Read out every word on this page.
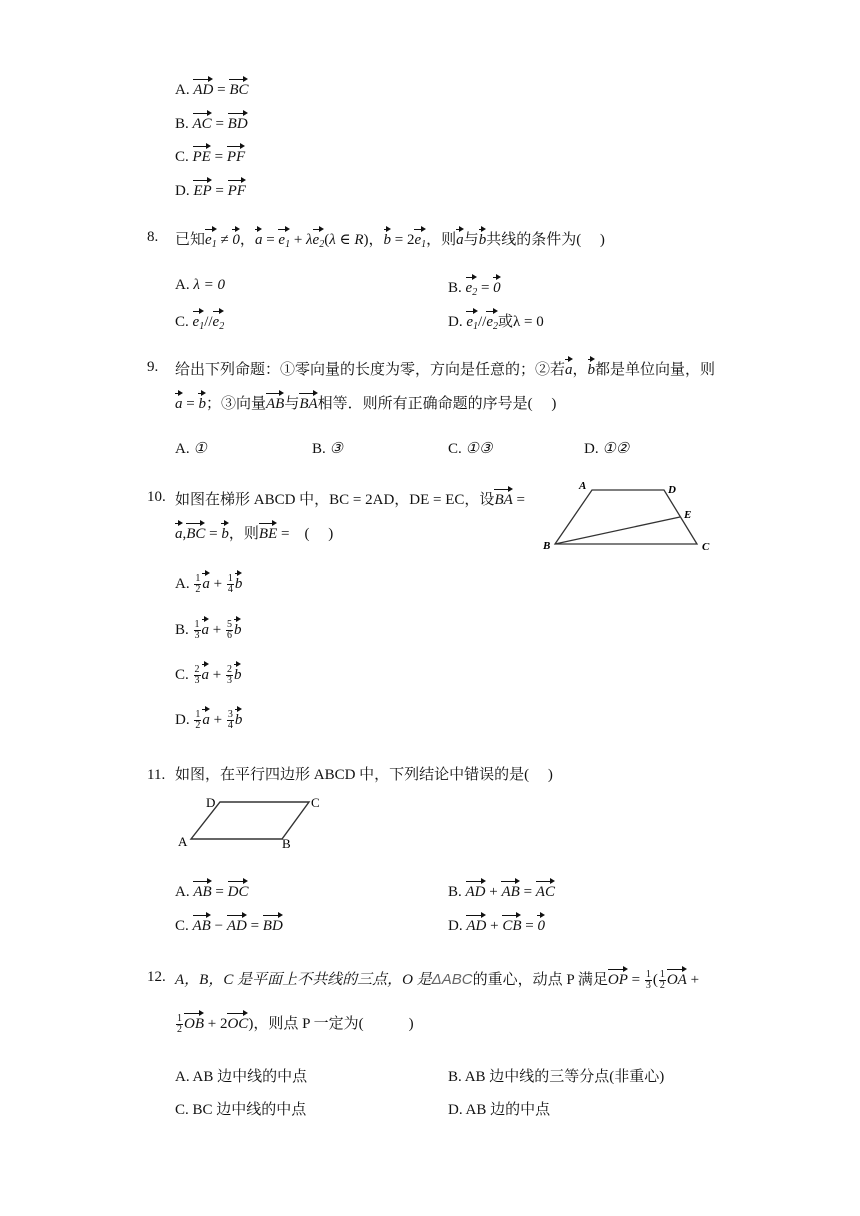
A. AD = BC
B. AC = BD
C. PE = PF
D. EP = PF
8. 已知$e_1 \ne 0$，$a = e_1 + \lambda e_2(\lambda$ ∈ R)，$b = 2e_1$，则a与b共线的条件为(　 )
A. λ = 0	B. $e_2 = 0$
C. $e_1//e_2$	D. $e_1//e_2$或λ = 0
9. 给出下列命题：①零向量的长度为零，方向是任意的；②若a，b都是单位向量，则
a = b；③向量AB与BA相等．则所有正确命题的序号是(　 )
A. ①	B. ③	C. ①③	D. ①②
10. 如图在梯形 ABCD 中，BC = 2AD，DE = EC，设BA =
a,BC = b，则BE =　(　 )
A	D
E
B	C
A. $\frac{1}{2}$ $a + \frac{1}{4}$ b
B. $\frac{1}{3}$ $a + \frac{5}{6}$ b
C. $\frac{2}{3}$ $a + \frac{2}{3}$ b
D. $\frac{1}{2}$ $a + \frac{3}{4}$ b
11. 如图，在平行四边形 ABCD 中，下列结论中错误的是(　 )
D	C
A	B
A. AB = DC	B. AD + AB = AC
C. AB − AD = BD	D. AD + CB = 0
12. A，B，C 是平面上不共线的三点，O 是ΔABC的重心，动点 P 满足OP = $\frac{1}{3}$ ( $\frac{1}{2}$ OA +
$\frac{1}{2}$ OB + 2OC)，则点 P 一定为(　　　)
A. AB 边中线的中点	B. AB 边中线的三等分点(非重心)
C. BC 边中线的中点	D. AB 边的中点
